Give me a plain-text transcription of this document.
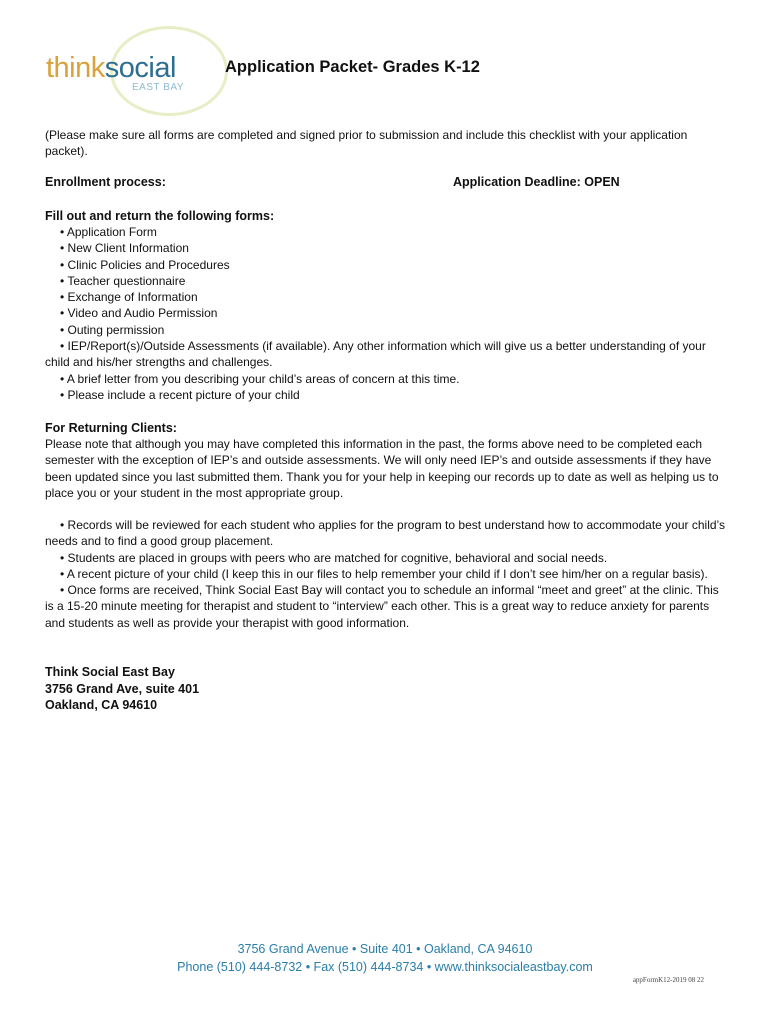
thinksocial
EAST BAY
Application Packet- Grades K-12
(Please make sure all forms are completed and signed prior to submission and include this checklist with your application packet).
Enrollment process:	Application Deadline: OPEN
Fill out and return the following forms:
• Application Form
• New Client Information
• Clinic Policies and Procedures
• Teacher questionnaire
• Exchange of Information
• Video and Audio Permission
• Outing permission
• IEP/Report(s)/Outside Assessments (if available). Any other information which will give us a better understanding of your child and his/her strengths and challenges.
• A brief letter from you describing your child’s areas of concern at this time.
• Please include a recent picture of your child
For Returning Clients:
Please note that although you may have completed this information in the past, the forms above need to be completed each semester with the exception of IEP’s and outside assessments. We will only need IEP’s and outside assessments if they have been updated since you last submitted them. Thank you for your help in keeping our records up to date as well as helping us to place you or your student in the most appropriate group.
• Records will be reviewed for each student who applies for the program to best understand how to accommodate your child’s needs and to find a good group placement.
• Students are placed in groups with peers who are matched for cognitive, behavioral and social needs.
• A recent picture of your child (I keep this in our files to help remember your child if I don’t see him/her on a regular basis).
• Once forms are received, Think Social East Bay will contact you to schedule an informal “meet and greet” at the clinic. This is a 15-20 minute meeting for therapist and student to “interview” each other. This is a great way to reduce anxiety for parents and students as well as provide your therapist with good information.
Think Social East Bay
3756 Grand Ave, suite 401
Oakland, CA 94610
3756 Grand Avenue • Suite 401 • Oakland, CA 94610
Phone (510) 444-8732 • Fax (510) 444-8734 • www.thinksocialeastbay.com
appFormK12-2019 08 22
